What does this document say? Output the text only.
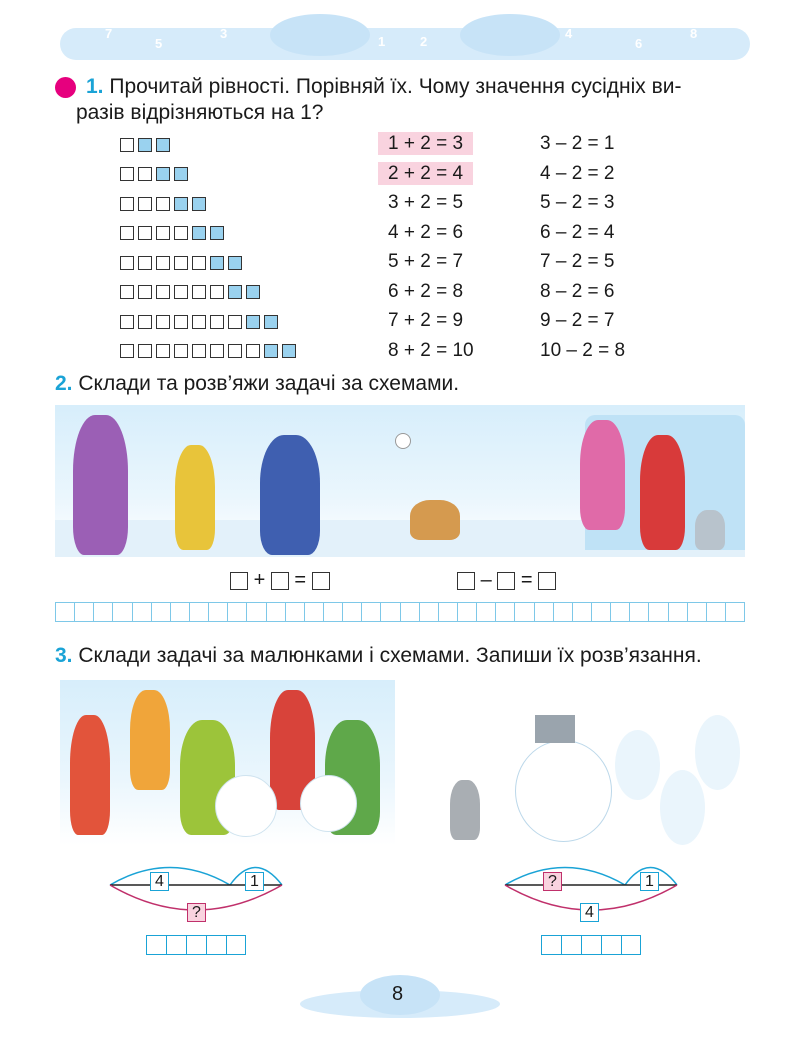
7
5
3
1
0
2
4
6
8
1. Прочитай рівності. Порівняй їх. Чому значення сусідніх ви-
разів відрізняються на 1?
1 + 2 = 3	3 – 2 = 1
2 + 2 = 4	4 – 2 = 2
3 + 2 = 5	5 – 2 = 3
4 + 2 = 6	6 – 2 = 4
5 + 2 = 7	7 – 2 = 5
6 + 2 = 8	8 – 2 = 6
7 + 2 = 9	9 – 2 = 7
8 + 2 = 10	10 – 2 = 8
2. Склади та розв’яжи задачі за схемами.
+ =	– =
3. Склади задачі за малюнками і схемами. Запиши їх розв’язання.
4	1
?
?	1
4
8
